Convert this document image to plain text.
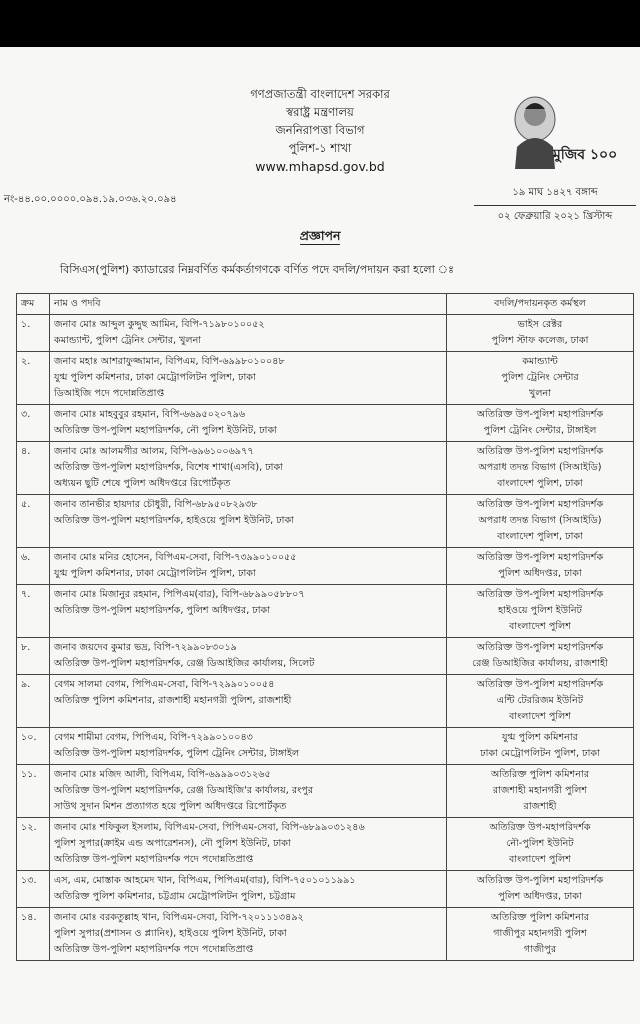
গণপ্রজাতন্ত্রী বাংলাদেশ সরকার
স্বরাষ্ট্র মন্ত্রণালয়
জননিরাপত্তা বিভাগ
পুলিশ-১ শাখা
www.mhapsd.gov.bd
মুজিব ১০০
নং-৪৪.০০.০০০০.০৯৪.১৯.০৩৬.২০.০৯৪
১৯ মাঘ ১৪২৭ বঙ্গাব্দ
০২ ফেব্রুয়ারি ২০২১ খ্রিস্টাব্দ
প্রজ্ঞাপন
বিসিএস(পুলিশ) ক্যাডারের নিম্নবর্ণিত কর্মকর্তাগণকে বর্ণিত পদে বদলি/পদায়ন করা হলো ঃ
ক্রম	নাম ও পদবি	বদলি/পদায়নকৃত কর্মস্থল
১.	জনাব মোঃ আব্দুল কুদ্দুছ আমিন, বিপি-৭১৯৮০১০০৫২
কমান্ড্যান্ট, পুলিশ ট্রেনিং সেন্টার, খুলনা	ভাইস রেক্টর
পুলিশ স্টাফ কলেজ, ঢাকা

২.	জনাব মহাঃ আশরাফুজ্জামান, বিপিএম, বিপি-৬৯৯৮০১০০৪৮
যুগ্ম পুলিশ কমিশনার, ঢাকা মেট্রোপলিটন পুলিশ, ঢাকা
ডিআইজি পদে পদোন্নতিপ্রাপ্ত	কমান্ড্যান্ট
পুলিশ ট্রেনিং সেন্টার
খুলনা

৩.	জনাব মোঃ মাহবুবুর রহমান, বিপি-৬৬৯৫০২০৭৯৬
অতিরিক্ত উপ-পুলিশ মহাপরিদর্শক, নৌ পুলিশ ইউনিট, ঢাকা	অতিরিক্ত উপ-পুলিশ মহাপরিদর্শক
পুলিশ ট্রেনিং সেন্টার, টাঙ্গাইল

৪.	জনাব মোঃ আলমগীর আলম, বিপি-৬৯৬১০০৬৯৭৭
অতিরিক্ত উপ-পুলিশ মহাপরিদর্শক, বিশেষ শাখা(এসবি), ঢাকা
অধ্যয়ন ছুটি শেষে পুলিশ অধিদপ্তরে রিপোর্টকৃত	অতিরিক্ত উপ-পুলিশ মহাপরিদর্শক
অপরাধ তদন্ত বিভাগ (সিআইডি)
বাংলাদেশ পুলিশ, ঢাকা

৫.	জনাব তানভীর হায়দার চৌধুরী, বিপি-৬৮৯৫০৮২৯৩৮
অতিরিক্ত উপ-পুলিশ মহাপরিদর্শক, হাইওয়ে পুলিশ ইউনিট, ঢাকা	অতিরিক্ত উপ-পুলিশ মহাপরিদর্শক
অপরাধ তদন্ত বিভাগ (সিআইডি)
বাংলাদেশ পুলিশ, ঢাকা

৬.	জনাব মোঃ মনির হোসেন, বিপিএম-সেবা, বিপি-৭৩৯৯০১০০৫৫
যুগ্ম পুলিশ কমিশনার, ঢাকা মেট্রোপলিটন পুলিশ, ঢাকা	অতিরিক্ত উপ-পুলিশ মহাপরিদর্শক
পুলিশ অধিদপ্তর, ঢাকা

৭.	জনাব মোঃ মিজানুর রহমান, পিপিএম(বার), বিপি-৬৮৯৯০৫৮৮০৭
অতিরিক্ত উপ-পুলিশ মহাপরিদর্শক, পুলিশ অধিদপ্তর, ঢাকা	অতিরিক্ত উপ-পুলিশ মহাপরিদর্শক
হাইওয়ে পুলিশ ইউনিট
বাংলাদেশ পুলিশ

৮.	জনাব জয়দেব কুমার ভদ্র, বিপি-৭২৯৯০৮৩০১৯
অতিরিক্ত উপ-পুলিশ মহাপরিদর্শক, রেঞ্জ ডিআইজির কার্যালয়, সিলেট	অতিরিক্ত উপ-পুলিশ মহাপরিদর্শক
রেঞ্জ ডিআইজির কার্যালয়, রাজশাহী

৯.	বেগম সালমা বেগম, পিপিএম-সেবা, বিপি-৭২৯৯০১০০৫৪
অতিরিক্ত পুলিশ কমিশনার, রাজশাহী মহানগরী পুলিশ, রাজশাহী	অতিরিক্ত উপ-পুলিশ মহাপরিদর্শক
এন্টি টেররিজম ইউনিট
বাংলাদেশ পুলিশ

১০.	বেগম শামীমা বেগম, পিপিএম, বিপি-৭২৯৯০১০০৪৩
অতিরিক্ত উপ-পুলিশ মহাপরিদর্শক, পুলিশ ট্রেনিং সেন্টার, টাঙ্গাইল	যুগ্ম পুলিশ কমিশনার
ঢাকা মেট্রোপলিটন পুলিশ, ঢাকা

১১.	জনাব মোঃ মজিদ আলী, বিপিএম, বিপি-৬৯৯৯০৩১২৬৫
অতিরিক্ত উপ-পুলিশ মহাপরিদর্শক, রেঞ্জ ডিআইজি'র কার্যালয়, রংপুর
সাউথ সুদান মিশন প্রত্যাগত হয়ে পুলিশ অধিদপ্তরে রিপোর্টকৃত	অতিরিক্ত পুলিশ কমিশনার
রাজশাহী মহানগরী পুলিশ
রাজশাহী

১২.	জনাব মোঃ শফিকুল ইসলাম, বিপিএম-সেবা, পিপিএম-সেবা, বিপি-৬৮৯৯০৩১২৪৬
পুলিশ সুপার(ক্রাইম এন্ড অপারেশনস), নৌ পুলিশ ইউনিট, ঢাকা
অতিরিক্ত উপ-পুলিশ মহাপরিদর্শক পদে পদোন্নতিপ্রাপ্ত	অতিরিক্ত উপ-মহাপরিদর্শক
নৌ-পুলিশ ইউনিট
বাংলাদেশ পুলিশ

১৩.	এস, এম, মোস্তাক আহমেদ খান, বিপিএম, পিপিএম(বার), বিপি-৭৫০১০১১৯৯১
অতিরিক্ত পুলিশ কমিশনার, চট্টগ্রাম মেট্রোপলিটন পুলিশ, চট্টগ্রাম	অতিরিক্ত উপ-পুলিশ মহাপরিদর্শক
পুলিশ অধিদপ্তর, ঢাকা

১৪.	জনাব মোঃ বরকতুল্লাহ খান, বিপিএম-সেবা, বিপি-৭২০১১১৩৪৯২
পুলিশ সুপার(প্রশাসন ও প্ল্যানিং), হাইওয়ে পুলিশ ইউনিট, ঢাকা
অতিরিক্ত উপ-পুলিশ মহাপরিদর্শক পদে পদোন্নতিপ্রাপ্ত	অতিরিক্ত পুলিশ কমিশনার
গাজীপুর মহানগরী পুলিশ
গাজীপুর
